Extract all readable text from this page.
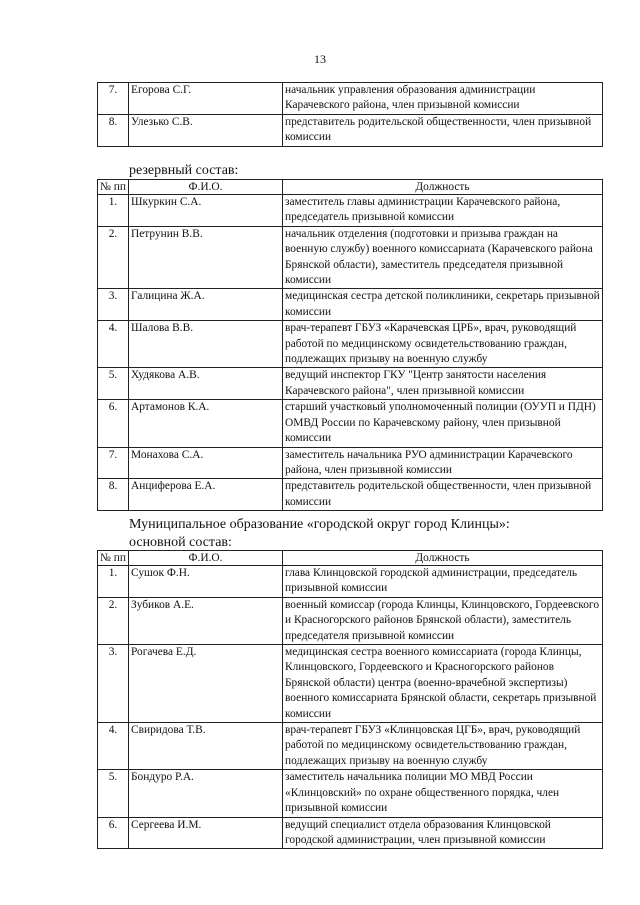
13
7.	Егорова С.Г.	начальник управления образования администрации Карачевского района, член призывной комиссии
8.	Улезько С.В.	представитель родительской общественности, член призывной комиссии
резервный состав:
№ пп	Ф.И.О.	Должность
1.	Шкуркин С.А.	заместитель главы администрации Карачевского района, председатель призывной комиссии
2.	Петрунин В.В.	начальник отделения (подготовки и призыва граждан на военную службу) военного комиссариата (Карачевского района Брянской области), заместитель председателя призывной комиссии
3.	Галицина Ж.А.	медицинская сестра детской поликлиники, секретарь призывной комиссии
4.	Шалова В.В.	врач-терапевт ГБУЗ «Карачевская ЦРБ», врач, руководящий работой по медицинскому освидетельствованию граждан, подлежащих призыву на военную службу
5.	Худякова А.В.	ведущий инспектор ГКУ "Центр занятости населения Карачевского района", член призывной комиссии
6.	Артамонов К.А.	старший участковый уполномоченный полиции (ОУУП и ПДН) ОМВД России по Карачевскому району, член призывной комиссии
7.	Монахова С.А.	заместитель начальника РУО администрации Карачевского района, член призывной комиссии
8.	Анциферова Е.А.	представитель родительской общественности, член призывной комиссии
Муниципальное образование «городской округ город Клинцы»:
основной состав:
№ пп	Ф.И.О.	Должность
1.	Сушок Ф.Н.	глава Клинцовской городской администрации, председатель призывной комиссии
2.	Зубиков А.Е.	военный комиссар (города Клинцы, Клинцовского, Гордеевского и Красногорского районов Брянской области), заместитель председателя призывной комиссии
3.	Рогачева Е.Д.	медицинская сестра военного комиссариата (города Клинцы, Клинцовского, Гордеевского и Красногорского районов Брянской области) центра (военно-врачебной экспертизы) военного комиссариата Брянской области, секретарь призывной комиссии
4.	Свиридова Т.В.	врач-терапевт ГБУЗ «Клинцовская ЦГБ», врач, руководящий работой по медицинскому освидетельствованию граждан, подлежащих призыву на военную службу
5.	Бондуро Р.А.	заместитель начальника полиции МО МВД России «Клинцовский» по охране общественного порядка, член призывной комиссии
6.	Сергеева И.М.	ведущий специалист отдела образования Клинцовской городской администрации, член призывной комиссии
